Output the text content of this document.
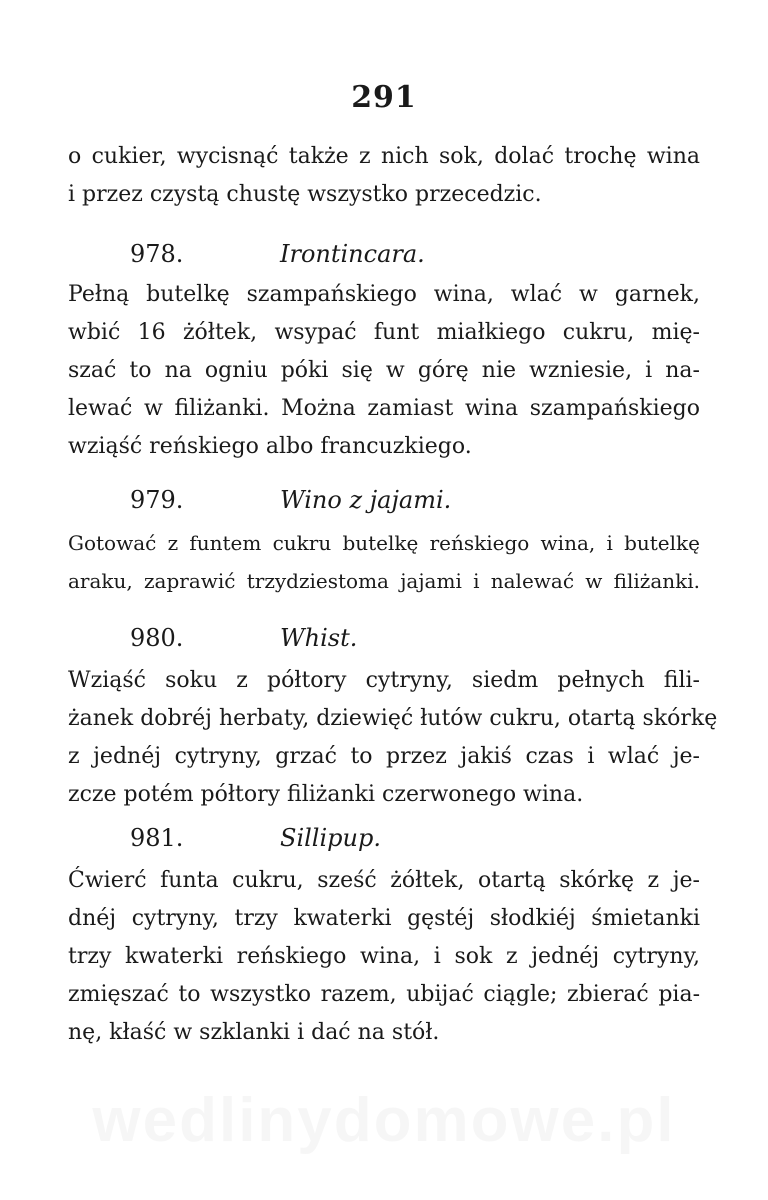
291
o cukier, wycisnąć także z nich sok, dolać trochę wina
i przez czystą chustę wszystko przecedzic.
978.	Irontincara.
Pełną butelkę szampańskiego wina, wlać w garnek,
wbić 16 żółtek, wsypać funt miałkiego cukru, mię-
szać to na ogniu póki się w górę nie wzniesie, i na-
lewać w filiżanki. Można zamiast wina szampańskiego
wziąść reńskiego albo francuzkiego.
979.	Wino z jajami.
Gotować z funtem cukru butelkę reńskiego wina, i butelkę
araku, zaprawić trzydziestoma jajami i nalewać w filiżanki.
980.	Whist.
Wziąść soku z półtory cytryny, siedm pełnych fili-
żanek dobréj herbaty, dziewięć łutów cukru, otartą skórkę
z jednéj cytryny, grzać to przez jakiś czas i wlać je-
zcze potém półtory filiżanki czerwonego wina.
981.	Sillipup.
Ćwierć funta cukru, sześć żółtek, otartą skórkę z je-
dnéj cytryny, trzy kwaterki gęstéj słodkiéj śmietanki
trzy kwaterki reńskiego wina, i sok z jednéj cytryny,
zmięszać to wszystko razem, ubijać ciągle; zbierać pia-
nę, kłaść w szklanki i dać na stół.
